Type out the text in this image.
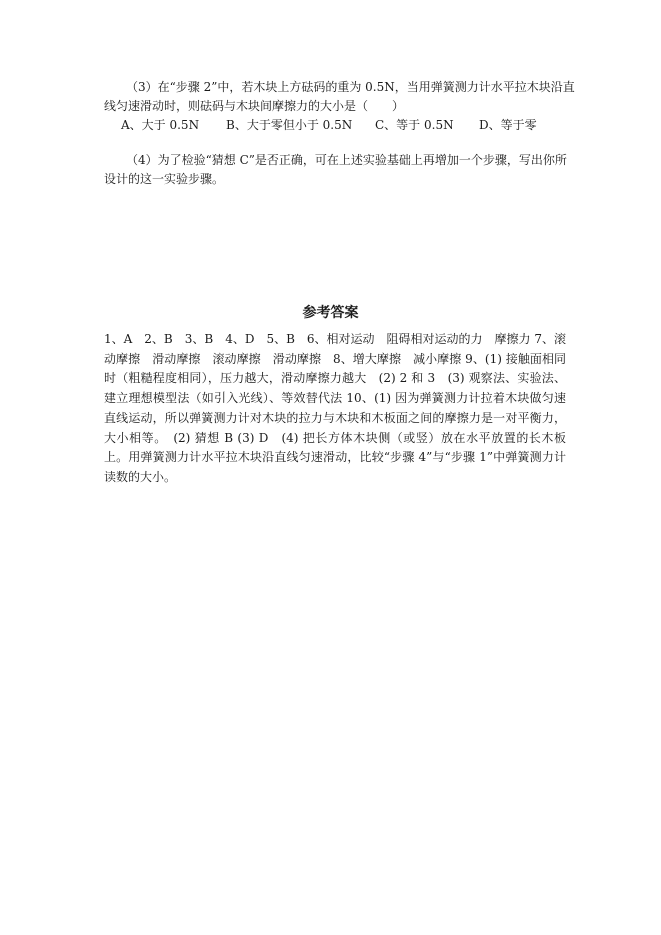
（3）在“步骤 2”中，若木块上方砝码的重为 0.5N，当用弹簧测力计水平拉木块沿直
线匀速滑动时，则砝码与木块间摩擦力的大小是（　　）
A、大于 0.5N B、大于零但小于 0.5N C、等于 0.5N D、等于零
（4）为了检验“猜想 C”是否正确，可在上述实验基础上再增加一个步骤，写出你所
设计的这一实验步骤。
参考答案
1、A　2、B　3、B　4、D　5、B　6、相对运动　阻碍相对运动的力　摩擦力 7、滚动摩擦　滑动摩擦　滚动摩擦　滑动摩擦　8、增大摩擦　减小摩擦 9、(1) 接触面相同时（粗糙程度相同），压力越大，滑动摩擦力越大　(2) 2 和 3　(3) 观察法、实验法、建立理想模型法（如引入光线）、等效替代法 10、(1) 因为弹簧测力计拉着木块做匀速直线运动，所以弹簧测力计对木块的拉力与木块和木板面之间的摩擦力是一对平衡力，大小相等。　(2) 猜想 B (3) D　(4) 把长方体木块侧（或竖）放在水平放置的长木板上。用弹簧测力计水平拉木块沿直线匀速滑动，比较“步骤 4”与“步骤 1”中弹簧测力计读数的大小。
